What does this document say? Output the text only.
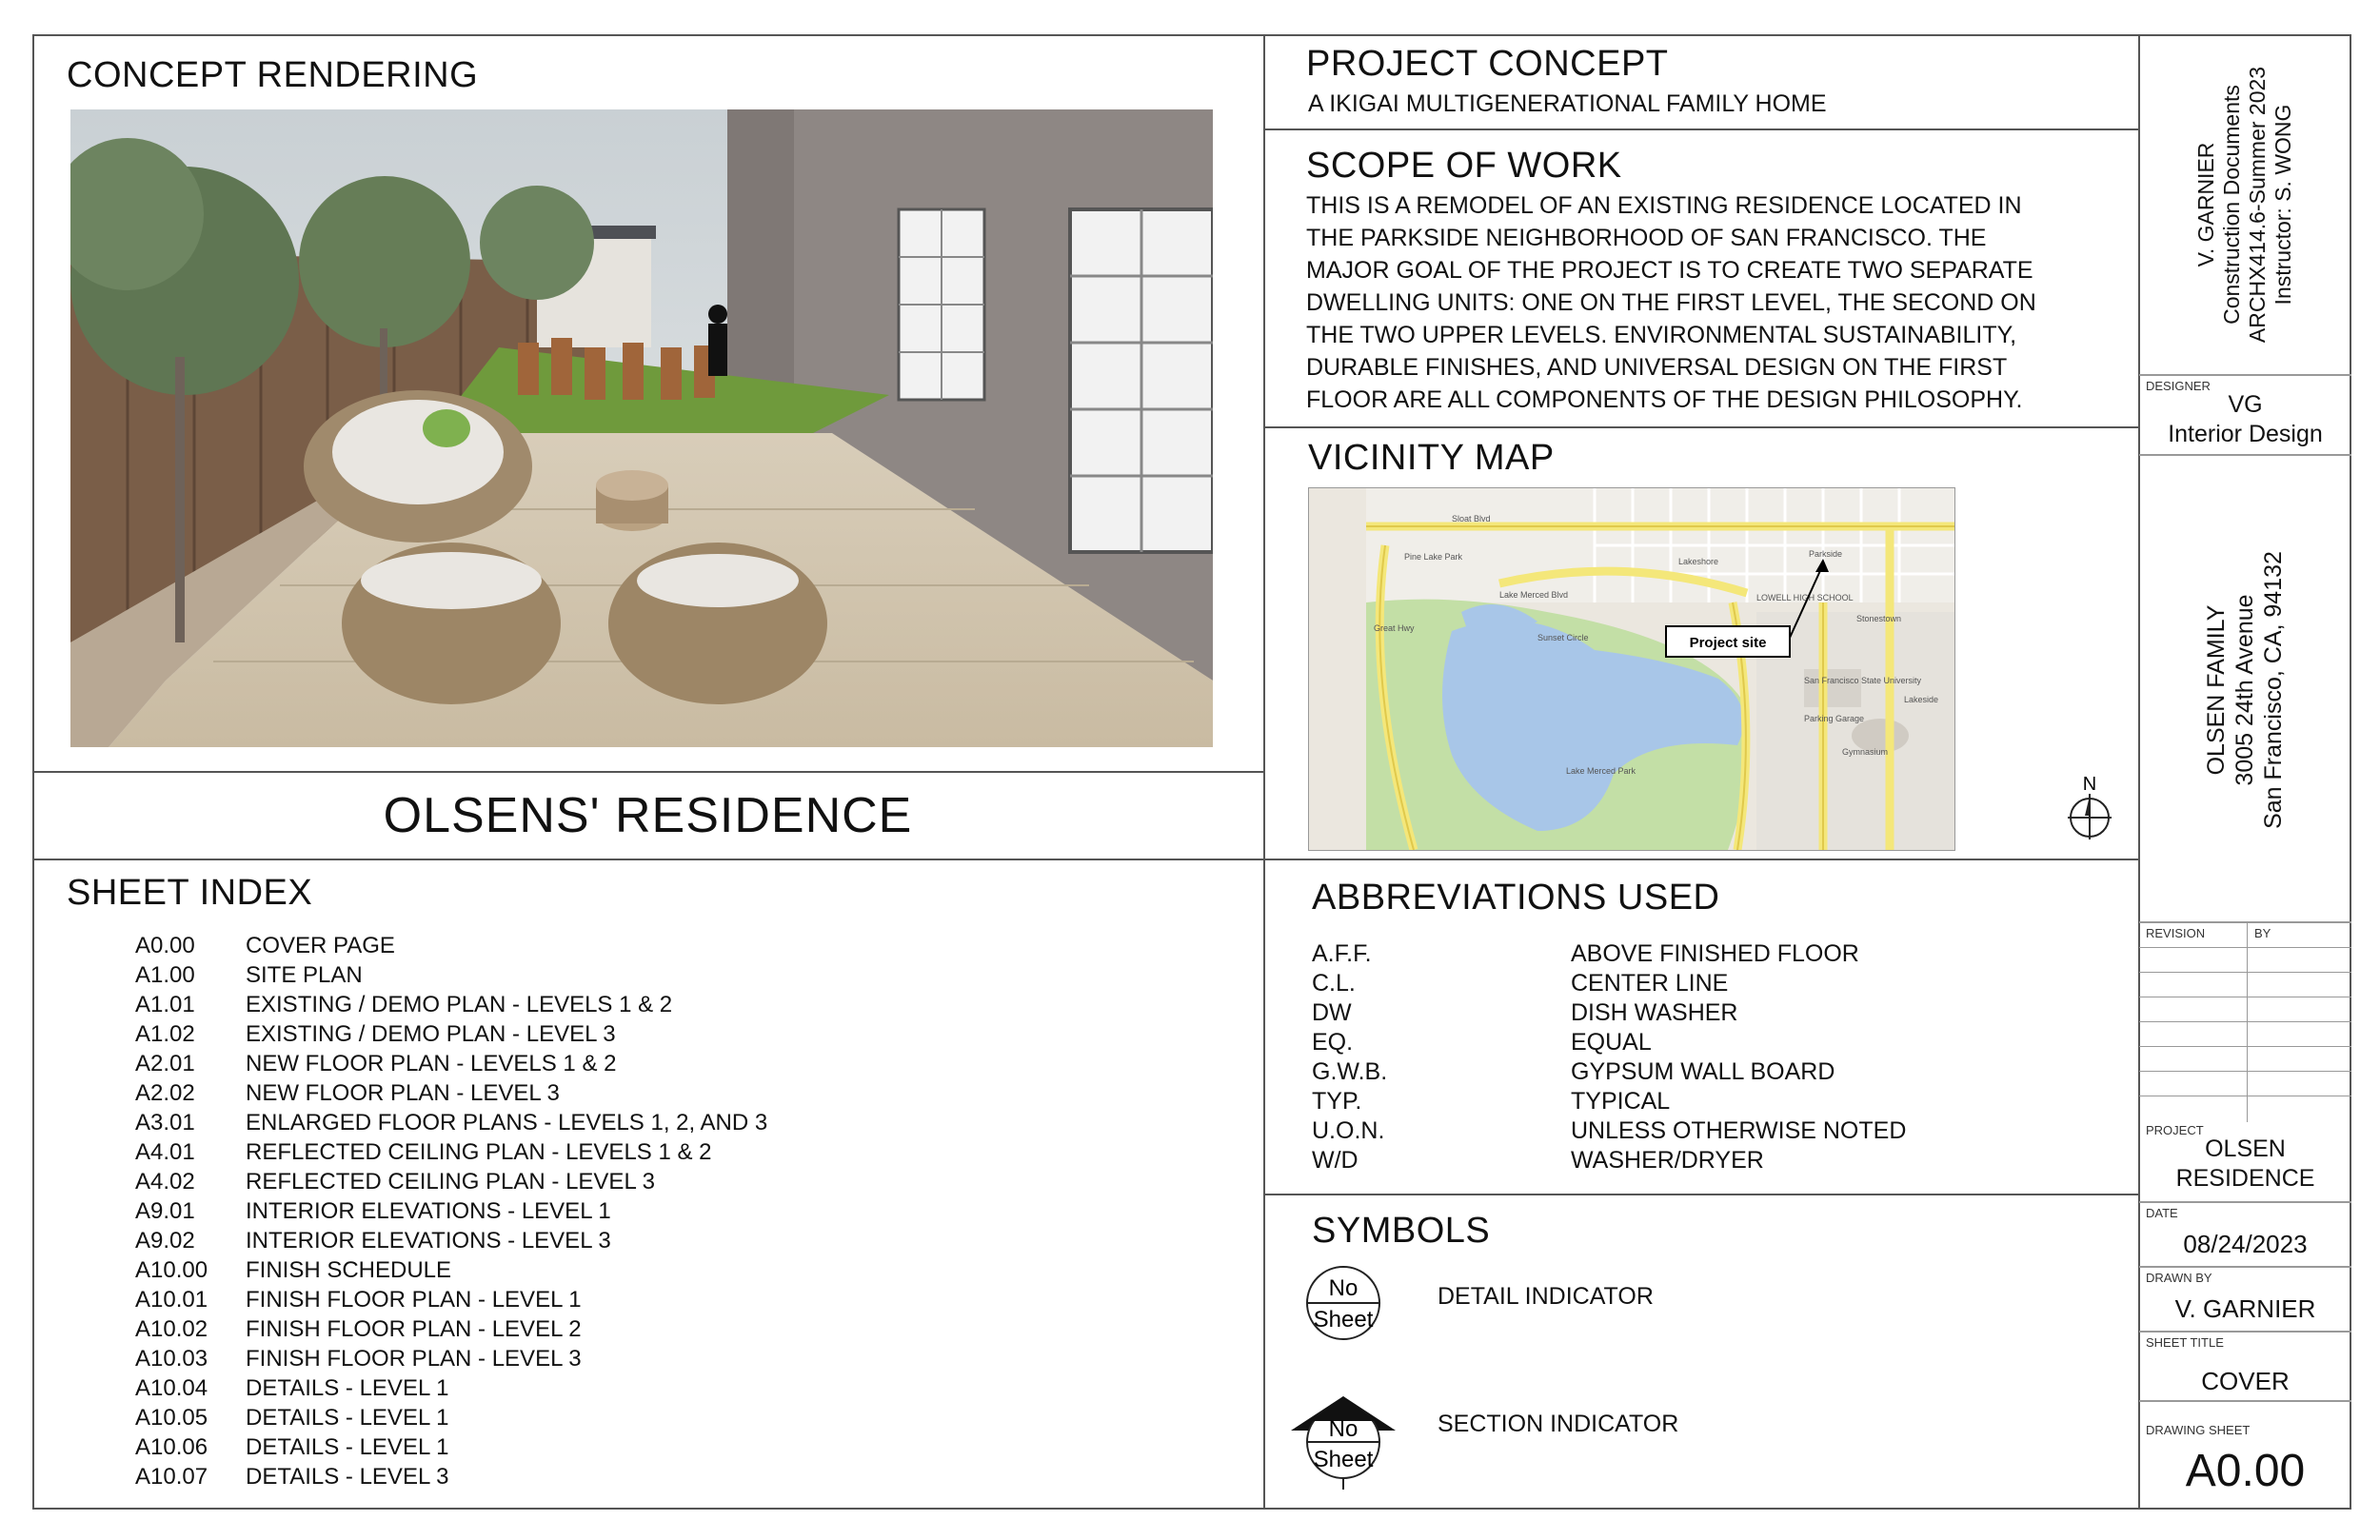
CONCEPT RENDERING
OLSENS' RESIDENCE
PROJECT CONCEPT
A IKIGAI MULTIGENERATIONAL FAMILY HOME
SCOPE OF WORK
THIS IS A REMODEL OF AN EXISTING RESIDENCE LOCATED IN
THE PARKSIDE NEIGHBORHOOD OF SAN FRANCISCO. THE
MAJOR GOAL OF THE PROJECT IS TO CREATE TWO SEPARATE
DWELLING UNITS: ONE ON THE FIRST LEVEL, THE SECOND ON
THE TWO UPPER LEVELS. ENVIRONMENTAL SUSTAINABILITY,
DURABLE FINISHES, AND UNIVERSAL DESIGN ON THE FIRST
FLOOR ARE ALL COMPONENTS OF THE DESIGN PHILOSOPHY.
VICINITY MAP
Sloat Blvd
Parkside
Lakeshore
LOWELL HIGH SCHOOL
Stonestown
San Francisco State University
Lake Merced Park
Sunset Circle
Lakeside
Parking Garage
Gymnasium
Great Hwy
Pine Lake Park
Lake Merced Blvd
Project site
N
SHEET INDEX
A0.00 COVER PAGE
A1.00 SITE PLAN
A1.01 EXISTING / DEMO PLAN - LEVELS 1 & 2
A1.02 EXISTING / DEMO PLAN - LEVEL 3
A2.01 NEW FLOOR PLAN - LEVELS 1 & 2
A2.02 NEW FLOOR PLAN - LEVEL 3
A3.01 ENLARGED FLOOR PLANS - LEVELS 1, 2, AND 3
A4.01 REFLECTED CEILING PLAN - LEVELS 1 & 2
A4.02 REFLECTED CEILING PLAN - LEVEL 3
A9.01 INTERIOR ELEVATIONS - LEVEL 1
A9.02 INTERIOR ELEVATIONS - LEVEL 3
A10.00 FINISH SCHEDULE
A10.01 FINISH FLOOR PLAN - LEVEL 1
A10.02 FINISH FLOOR PLAN - LEVEL 2
A10.03 FINISH FLOOR PLAN - LEVEL 3
A10.04 DETAILS - LEVEL 1
A10.05 DETAILS - LEVEL 1
A10.06 DETAILS - LEVEL 1
A10.07 DETAILS - LEVEL 3
ABBREVIATIONS USED
A.F.F.	ABOVE FINISHED FLOOR
C.L.	CENTER LINE
DW	DISH WASHER
EQ.	EQUAL
G.W.B.	GYPSUM WALL BOARD
TYP.	TYPICAL
U.O.N.	UNLESS OTHERWISE NOTED
W/D	WASHER/DRYER
SYMBOLS
No
Sheet
DETAIL INDICATOR
No
Sheet
SECTION INDICATOR
V. GARNIER Construction Documents ARCHX414.6-Summer 2023 Instructor: S. WONG
DESIGNER
VG
Interior Design
OLSEN FAMILY 3005 24th Avenue San Francisco, CA, 94132
REVISION	BY
PROJECT
OLSEN
RESIDENCE
DATE
08/24/2023
DRAWN BY
V. GARNIER
SHEET TITLE
COVER
DRAWING SHEET
A0.00
